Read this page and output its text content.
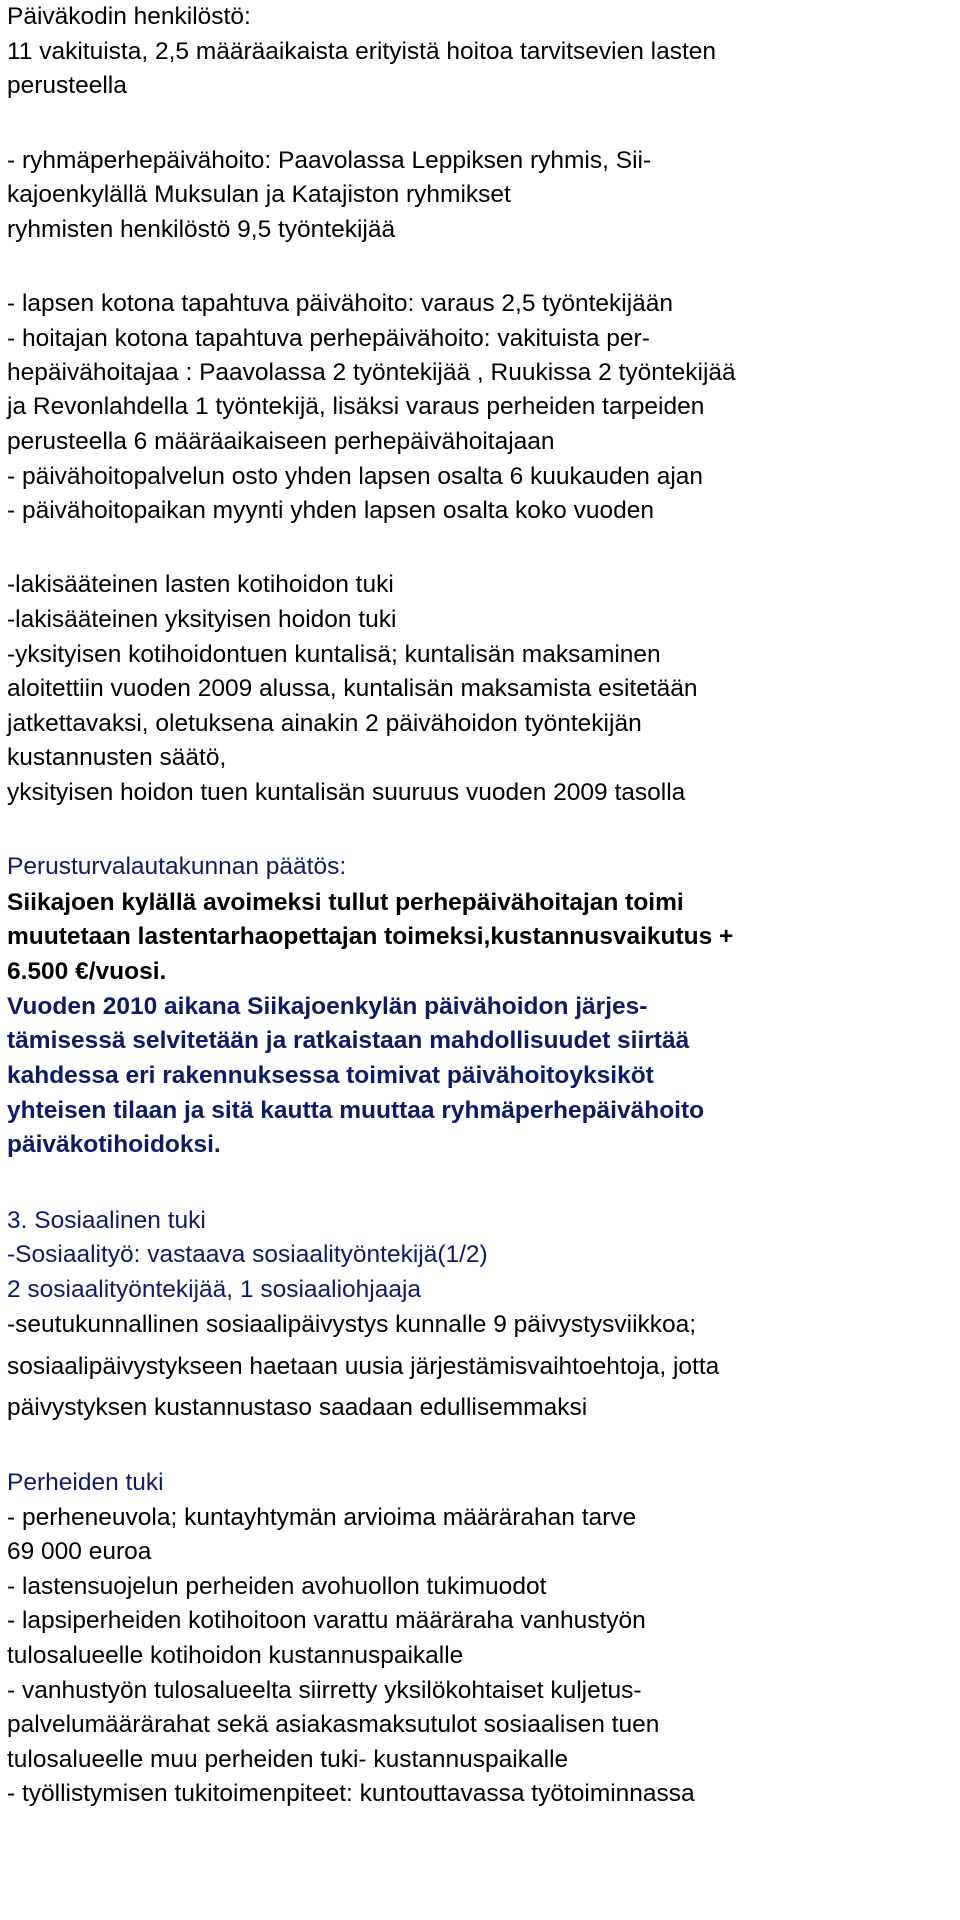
Päiväkodin henkilöstö:
11 vakituista, 2,5 määräaikaista erityistä hoitoa tarvitsevien lasten
perusteella
- ryhmäperhepäivähoito: Paavolassa Leppiksen ryhmis, Sii-
kajoenkylällä Muksulan ja Katajiston ryhmikset
ryhmisten henkilöstö 9,5 työntekijää
- lapsen kotona tapahtuva päivähoito: varaus 2,5 työntekijään
- hoitajan kotona tapahtuva perhepäivähoito: vakituista per-
hepäivähoitajaa : Paavolassa 2 työntekijää , Ruukissa 2 työntekijää
ja Revonlahdella 1 työntekijä, lisäksi varaus perheiden tarpeiden
perusteella 6 määräaikaiseen perhepäivähoitajaan
- päivähoitopalvelun osto yhden lapsen osalta 6 kuukauden ajan
- päivähoitopaikan myynti yhden lapsen osalta koko vuoden
-lakisääteinen lasten kotihoidon tuki
-lakisääteinen yksityisen hoidon tuki
-yksityisen kotihoidontuen kuntalisä; kuntalisän maksaminen
aloitettiin vuoden 2009 alussa, kuntalisän maksamista esitetään
jatkettavaksi, oletuksena ainakin 2 päivähoidon työntekijän
kustannusten säätö,
yksityisen hoidon tuen kuntalisän suuruus vuoden 2009 tasolla
Perusturvalautakunnan päätös:
Siikajoen kylällä avoimeksi tullut perhepäivähoitajan toimi
muutetaan lastentarhaopettajan toimeksi,kustannusvaikutus +
6.500 €/vuosi.
Vuoden 2010 aikana Siikajoenkylän päivähoidon järjes-
tämisessä selvitetään ja ratkaistaan mahdollisuudet siirtää
kahdessa eri rakennuksessa toimivat päivähoitoyksiköt
yhteisen tilaan ja sitä kautta muuttaa ryhmäperhepäivähoito
päiväkotihoidoksi.
3. Sosiaalinen tuki
-Sosiaalityö: vastaava sosiaalityöntekijä(1/2)
2 sosiaalityöntekijää, 1 sosiaaliohjaaja
-seutukunnallinen sosiaalipäivystys kunnalle 9 päivystysviikkoa;
sosiaalipäivystykseen haetaan uusia järjestämisvaihtoehtoja, jotta
päivystyksen kustannustaso saadaan edullisemmaksi
Perheiden tuki
- perheneuvola; kuntayhtymän arvioima määrärahan tarve
69 000 euroa
- lastensuojelun perheiden avohuollon tukimuodot
- lapsiperheiden kotihoitoon varattu määräraha vanhustyön
tulosalueelle kotihoidon kustannuspaikalle
- vanhustyön tulosalueelta siirretty yksilökohtaiset kuljetus-
palvelumäärärahat sekä asiakasmaksutulot sosiaalisen tuen
tulosalueelle muu perheiden tuki- kustannuspaikalle
- työllistymisen tukitoimenpiteet: kuntouttavassa työtoiminnassa
